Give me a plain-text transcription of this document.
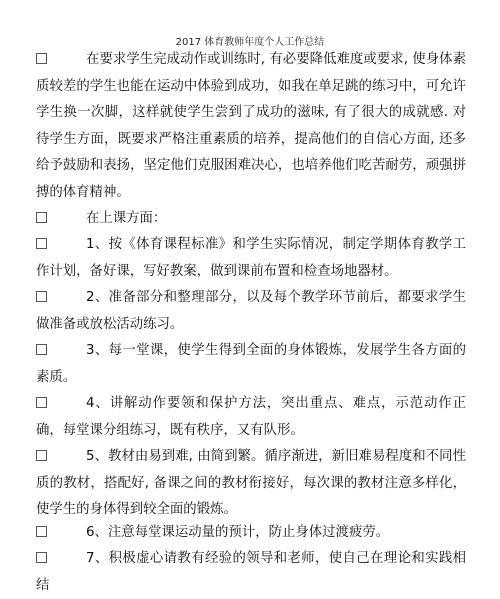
2017 体育教师年度个人工作总结

在要求学生完成动作或训练时, 有必要降低难度或要求, 使身体素质较差的学生也能在运动中体验到成功，如我在单足跳的练习中，可允许学生换一次脚，这样就使学生尝到了成功的滋味, 有了很大的成就感. 对待学生方面，既要求严格注重素质的培养，提高他们的自信心方面, 还多给予鼓励和表扬，坚定他们克服困难决心，也培养他们吃苦耐劳，顽强拼搏的体育精神。

在上课方面：

1、按《体育课程标准》和学生实际情况，制定学期体育教学工作计划，备好课，写好教案，做到课前布置和检查场地器材。

2、准备部分和整理部分，以及每个教学环节前后，都要求学生做准备或放松活动练习。

3、每一堂课，使学生得到全面的身体锻炼，发展学生各方面的素质。

4、讲解动作要领和保护方法，突出重点、难点，示范动作正确，每堂课分组练习，既有秩序，又有队形。

5、教材由易到难, 由简到繁。循序渐进，新旧难易程度和不同性质的教材，搭配好, 备课之间的教材衔接好，每次课的教材注意多样化，使学生的身体得到较全面的锻炼。

6、注意每堂课运动量的预计，防止身体过渡疲劳。

7、积极虚心请教有经验的领导和老师，使自己在理论和实践相结
